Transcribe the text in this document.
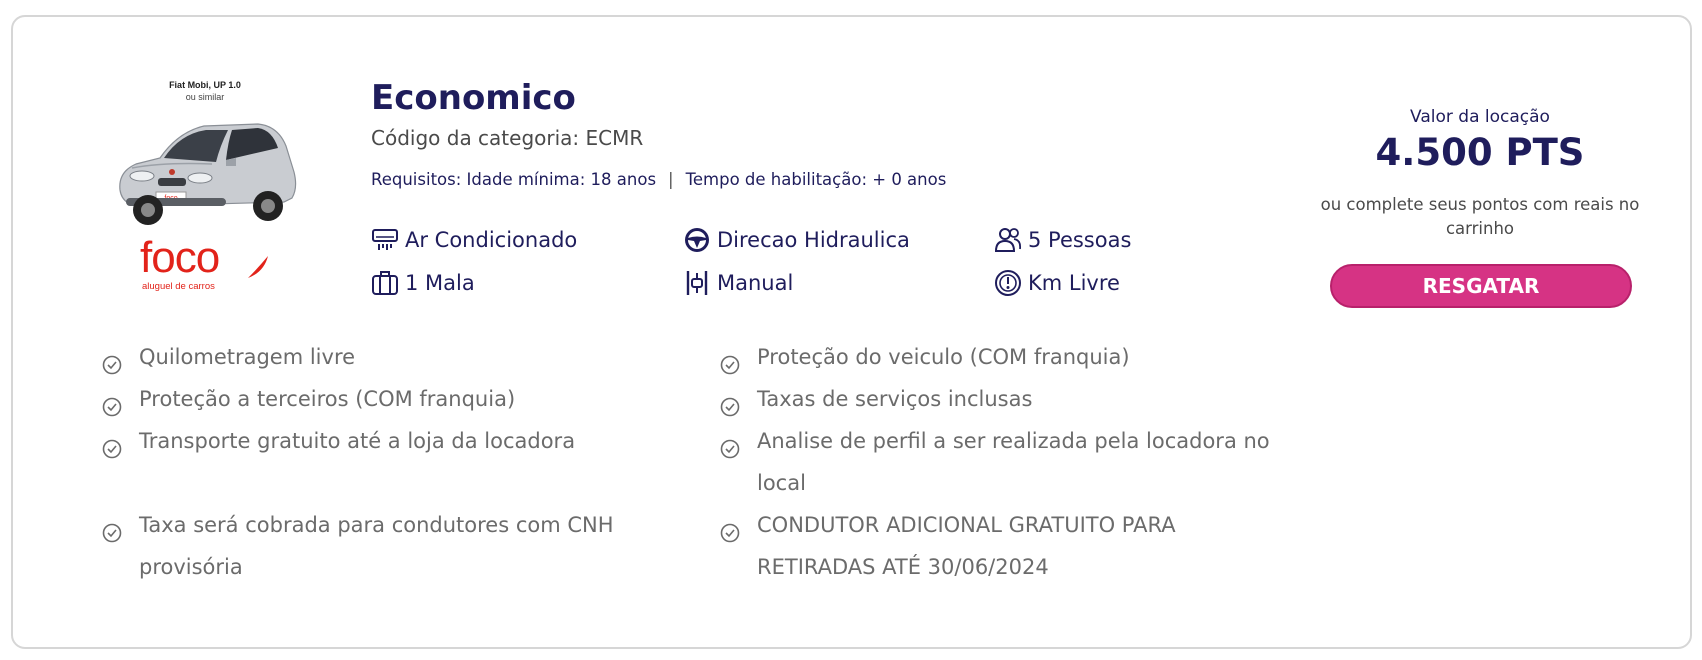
Fiat Mobi, UP 1.0
ou similar
foco
aluguel de carros
Economico
Código da categoria: ECMR
Requisitos: Idade mínima: 18 anos | Tempo de habilitação: + 0 anos
Ar Condicionado	Direcao Hidraulica	5 Pessoas
1 Mala	Manual	Km Livre
Quilometragem livre
Proteção a terceiros (COM franquia)
Transporte gratuito até a loja da locadora
Taxa será cobrada para condutores com CNH provisória
Proteção do veiculo (COM franquia)
Taxas de serviços inclusas
Analise de perfil a ser realizada pela locadora no local
CONDUTOR ADICIONAL GRATUITO PARA RETIRADAS ATÉ 30/06/2024
Valor da locação
4.500 PTS
ou complete seus pontos com reais no carrinho
RESGATAR
